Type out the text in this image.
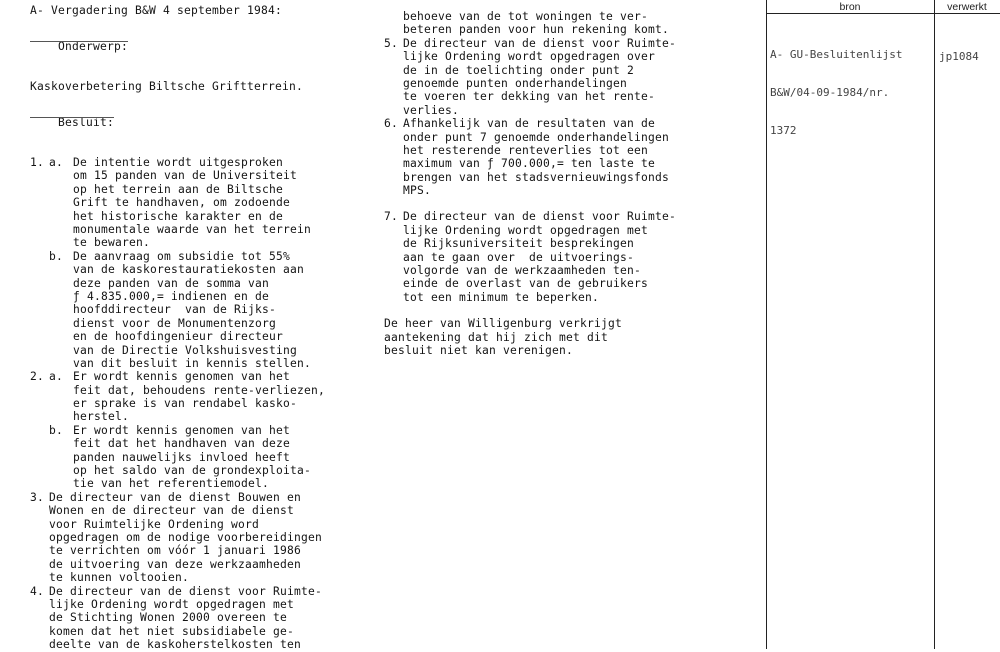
A- Vergadering B&W 4 september 1984:

Onderwerp:

Kaskoverbetering Biltsche Griftterrein.

Besluit:

1. a. De intentie wordt uitgesproken
om 15 panden van de Universiteit
op het terrein aan de Biltsche
Grift te handhaven, om zodoende
het historische karakter en de
monumentale waarde van het terrein
te bewaren.
b. De aanvraag om subsidie tot 55%
van de kaskorestauratiekosten aan
deze panden van de somma van
ƒ 4.835.000,= indienen en de
hoofddirecteur  van de Rijks-
dienst voor de Monumentenzorg
en de hoofdingenieur directeur
van de Directie Volkshuisvesting
van dit besluit in kennis stellen.
2. a. Er wordt kennis genomen van het
feit dat, behoudens rente-verliezen,
er sprake is van rendabel kasko-
herstel.
b. Er wordt kennis genomen van het
feit dat het handhaven van deze
panden nauwelijks invloed heeft
op het saldo van de grondexploita-
tie van het referentiemodel.
3. De directeur van de dienst Bouwen en
Wonen en de directeur van de dienst
voor Ruimtelijke Ordening word
opgedragen om de nodige voorbereidingen
te verrichten om vóór 1 januari 1986
de uitvoering van deze werkzaamheden
te kunnen voltooien.
4. De directeur van de dienst voor Ruimte-
lijke Ordening wordt opgedragen met
de Stichting Wonen 2000 overeen te
komen dat het niet subsidiabele ge-
deelte van de kaskoherstelkosten ten
behoeve van de tot woningen te ver-
beteren panden voor hun rekening komt.
5. De directeur van de dienst voor Ruimte-
lijke Ordening wordt opgedragen over
de in de toelichting onder punt 2
genoemde punten onderhandelingen
te voeren ter dekking van het rente-
verlies.
6. Afhankelijk van de resultaten van de
onder punt 7 genoemde onderhandelingen
het resterende renteverlies tot een
maximum van ƒ 700.000,= ten laste te
brengen van het stadsvernieuwingsfonds
MPS.
7. De directeur van de dienst voor Ruimte-
lijke Ordening wordt opgedragen met
de Rijksuniversiteit besprekingen
aan te gaan over  de uitvoerings-
volgorde van de werkzaamheden ten-
einde de overlast van de gebruikers
tot een minimum te beperken.
De heer van Willigenburg verkrijgt
aantekening dat hij zich met dit
besluit niet kan verenigen.
bron	verwerkt

A- GU-Besluitenlijst

B&W/04-09-1984/nr.

1372

jp1084
